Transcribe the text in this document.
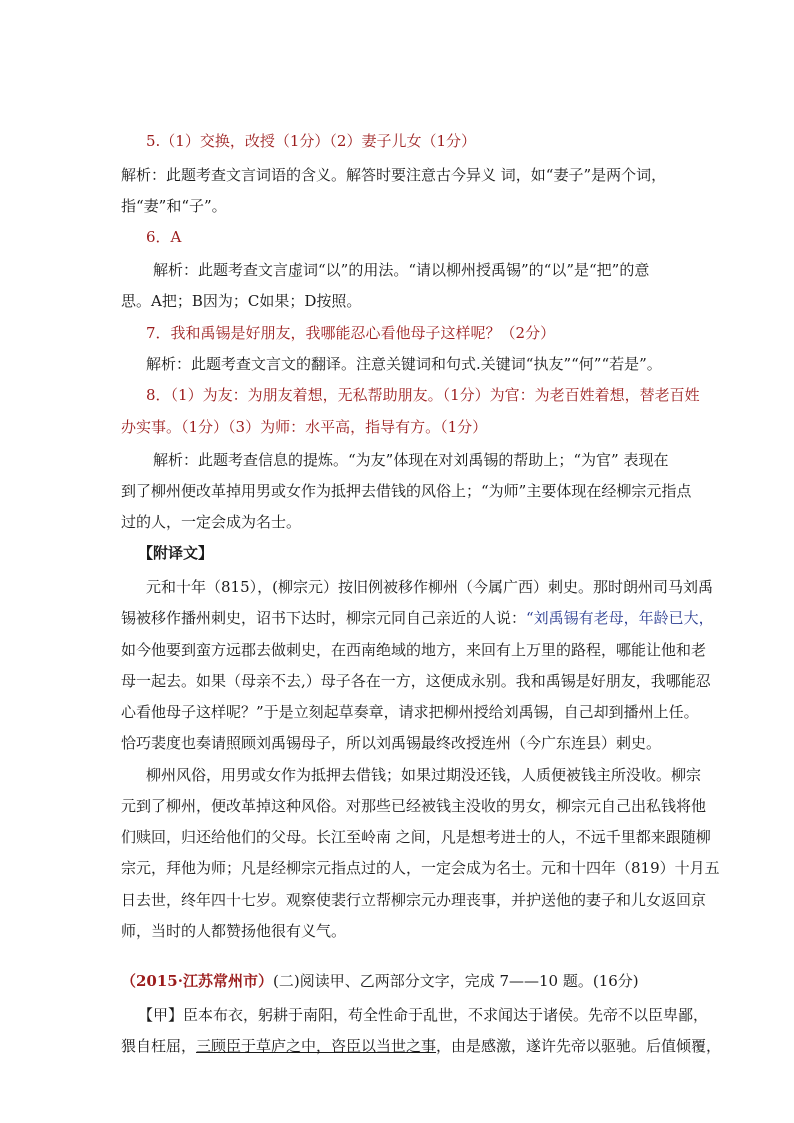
5.（1）交换，改授（1分）（2）妻子儿女（1分）
解析：此题考查文言词语的含义。解答时要注意古今异义 词，如“妻子”是两个词，
指“妻”和“子”。
6．A
解析：此题考查文言虚词“以”的用法。“请以柳州授禹锡”的“以”是“把”的意
思。A把；B因为；C如果；D按照。
7．我和禹锡是好朋友，我哪能忍心看他母子这样呢？（2分）
解析：此题考查文言文的翻译。注意关键词和句式.关键词“执友”“何”“若是”。
8．（1）为友：为朋友着想，无私帮助朋友。（1分）为官：为老百姓着想，替老百姓
办实事。（1分）（3）为师：水平高，指导有方。（1分）
解析：此题考查信息的提炼。“为友”体现在对刘禹锡的帮助上；“为官” 表现在
到了柳州便改革掉用男或女作为抵押去借钱的风俗上；“为师”主要体现在经柳宗元指点
过的人，一定会成为名士。
【附译文】
元和十年（815），(柳宗元）按旧例被移作柳州（今属广西）刺史。那时朗州司马刘禹
锡被移作播州刺史，诏书下达时，柳宗元同自己亲近的人说：“刘禹锡有老母，年龄已大，
如今他要到蛮方远郡去做刺史，在西南绝域的地方，来回有上万里的路程，哪能让他和老
母一起去。如果（母亲不去,）母子各在一方，这便成永别。我和禹锡是好朋友，我哪能忍
心看他母子这样呢？”于是立刻起草奏章，请求把柳州授给刘禹锡，自己却到播州上任。
恰巧裴度也奏请照顾刘禹锡母子，所以刘禹锡最终改授连州（今广东连县）刺史。
柳州风俗，用男或女作为抵押去借钱；如果过期没还钱，人质便被钱主所没收。柳宗
元到了柳州，便改革掉这种风俗。对那些已经被钱主没收的男女，柳宗元自己出私钱将他
们赎回，归还给他们的父母。长江至岭南 之间，凡是想考进士的人，不远千里都来跟随柳
宗元，拜他为师；凡是经柳宗元指点过的人，一定会成为名士。元和十四年（819）十月五
日去世，终年四十七岁。观察使裴行立帮柳宗元办理丧事，并护送他的妻子和儿女返回京
师，当时的人都赞扬他很有义气。
（2015·江苏常州市）(二)阅读甲、乙两部分文字，完成 7——10 题。(16分)
【甲】臣本布衣，躬耕于南阳，苟全性命于乱世，不求闻达于诸侯。先帝不以臣卑鄙，
猥自枉屈，三顾臣于草庐之中，咨臣以当世之事，由是感激，遂许先帝以驱驰。后值倾覆，
